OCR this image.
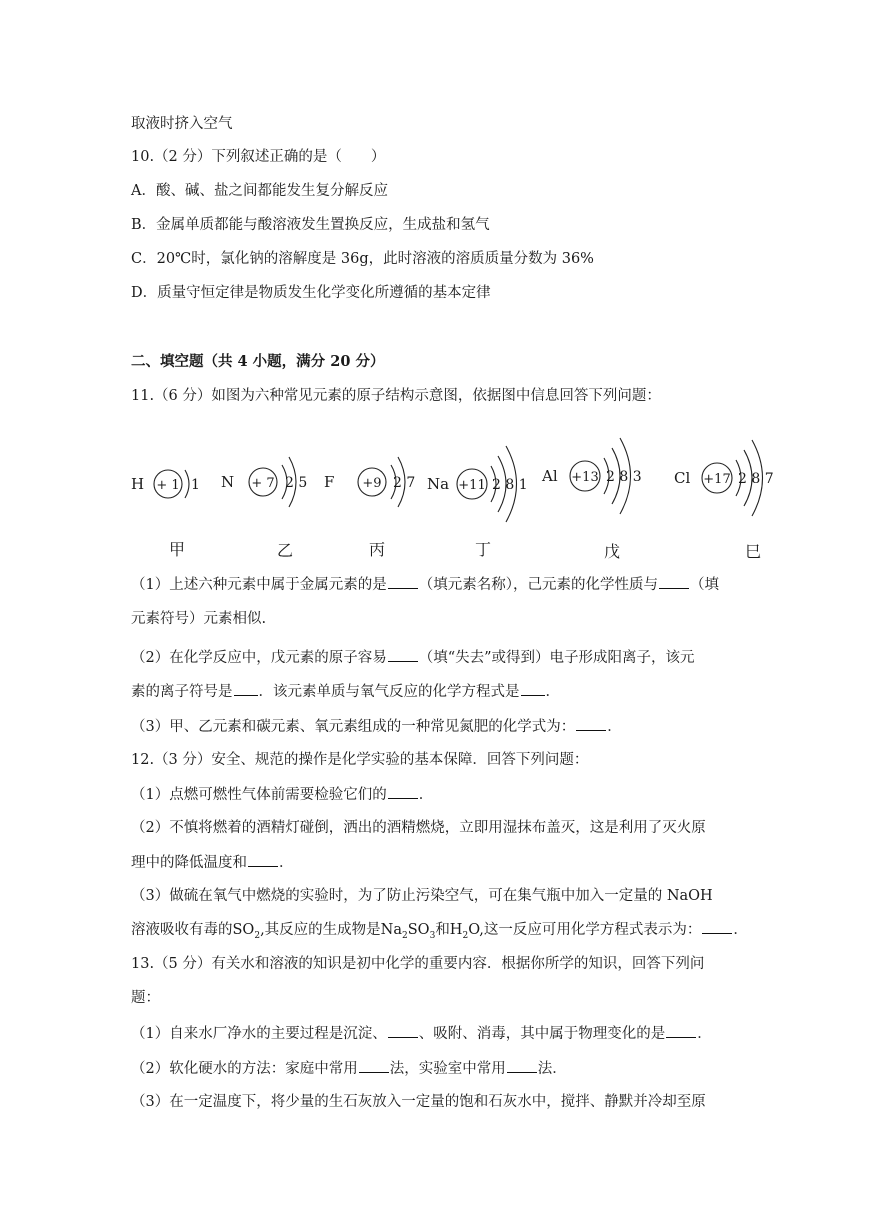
取液时挤入空气
10.（2 分）下列叙述正确的是（　　）
A．酸、碱、盐之间都能发生复分解反应
B．金属单质都能与酸溶液发生置换反应，生成盐和氢气
C．20℃时，氯化钠的溶解度是 36g，此时溶液的溶质质量分数为 36%
D．质量守恒定律是物质发生化学变化所遵循的基本定律
二、填空题（共 4 小题，满分 20 分）
11.（6 分）如图为六种常见元素的原子结构示意图，依据图中信息回答下列问题：
H	N	F	Na	Al	Cl
+ 1	+ 7	+9	+11
+13	+17
1	2 5	2 7	2 8 1	2 8 3	2 8 7
甲	乙	丙	丁	戊	巳
（1）上述六种元素中属于金属元素的是 （填元素名称），己元素的化学性质与 （填
元素符号）元素相似.
（2）在化学反应中，戊元素的原子容易 （填“失去”或得到）电子形成阳离子，该元
素的离子符号是 ．该元素单质与氧气反应的化学方程式是 ．
（3）甲、乙元素和碳元素、氧元素组成的一种常见氮肥的化学式为： ．
12.（3 分）安全、规范的操作是化学实验的基本保障．回答下列问题：
（1）点燃可燃性气体前需要检验它们的 ．
（2）不慎将燃着的酒精灯碰倒，洒出的酒精燃烧，立即用湿抹布盖灭，这是利用了灭火原
理中的降低温度和 ．
（3）做硫在氧气中燃烧的实验时，为了防止污染空气，可在集气瓶中加入一定量的 NaOH
溶液吸收有毒的$SO_2$,其反应的生成物是$Na_2SO_3$和$H_2O$,这一反应可用化学方程式表示为： ．
13.（5 分）有关水和溶液的知识是初中化学的重要内容．根据你所学的知识，回答下列问
题：
（1）自来水厂净水的主要过程是沉淀、 、吸附、消毒，其中属于物理变化的是 ．
（2）软化硬水的方法：家庭中常用 法，实验室中常用 法．
（3）在一定温度下，将少量的生石灰放入一定量的饱和石灰水中，搅拌、静默并冷却至原
